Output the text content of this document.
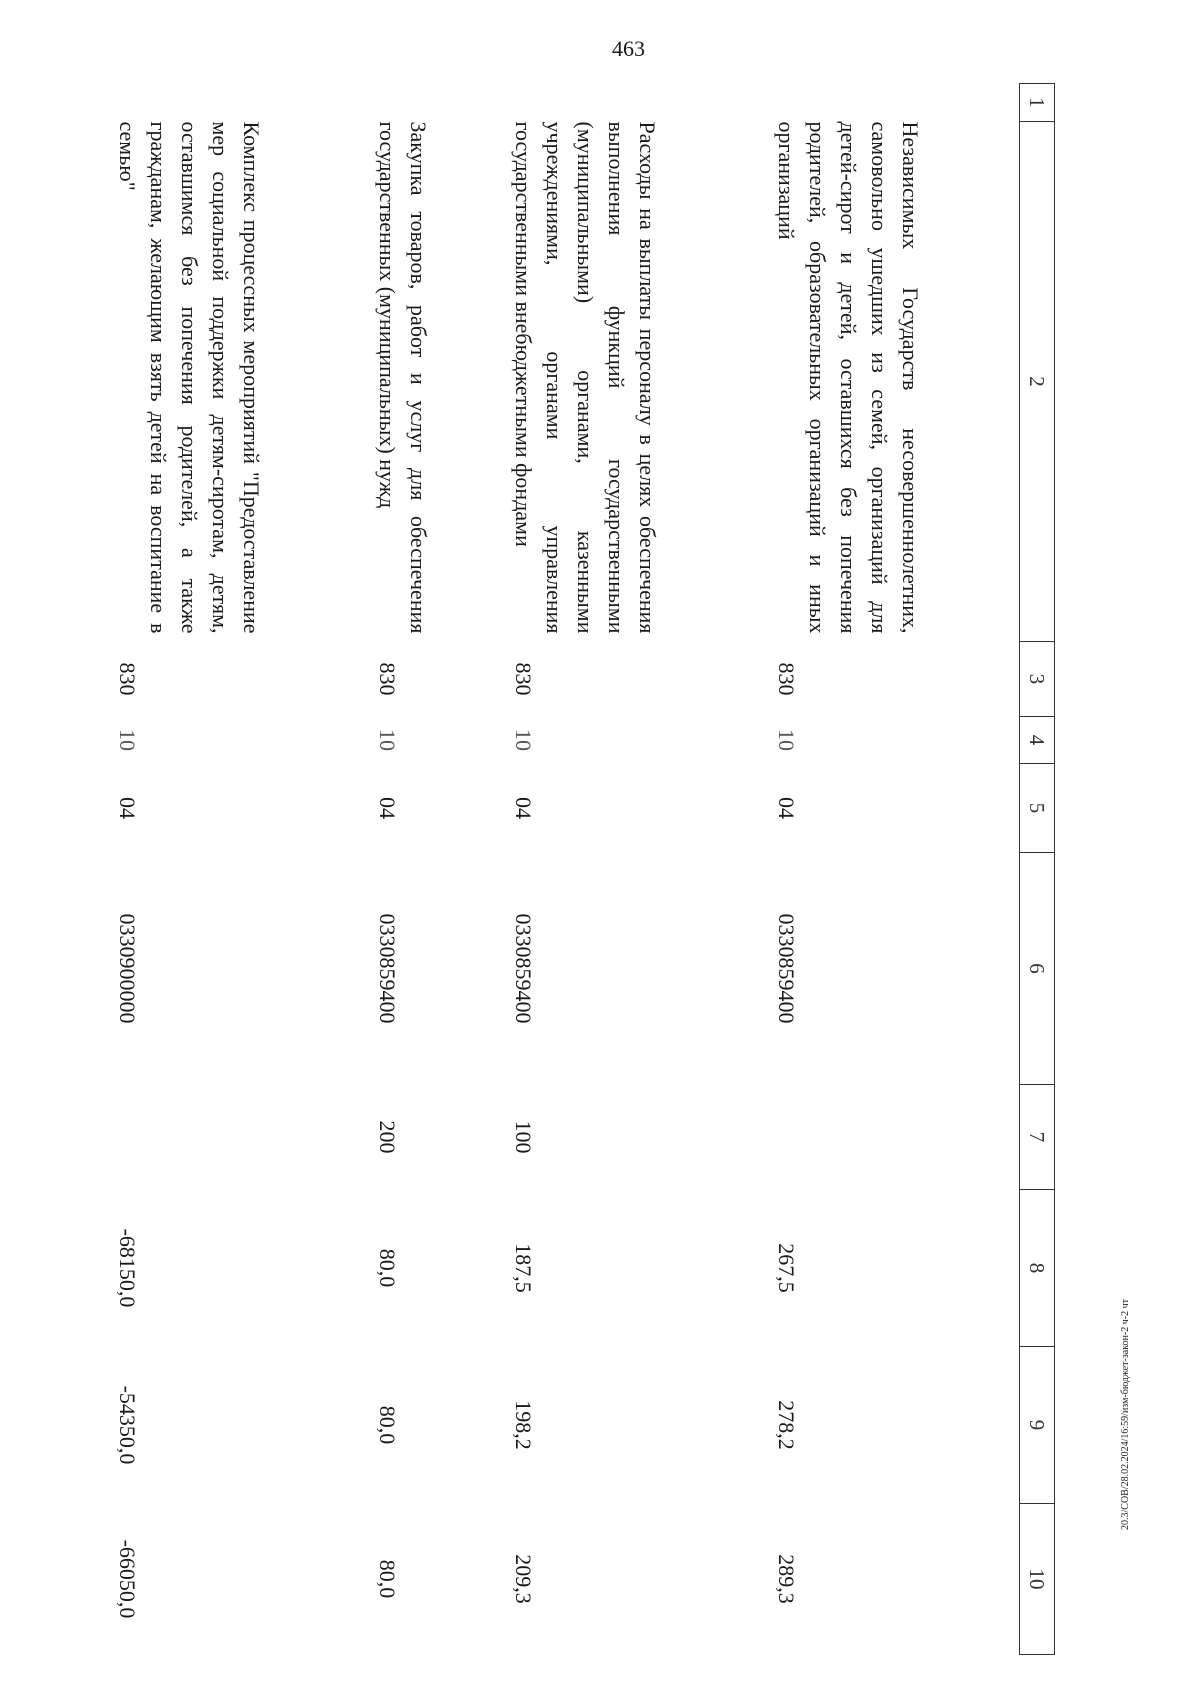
463
20.3/СОВ/28.02.2024/16:59/изм-бюджет-закон-2 ч-2 чт
1	2	3	4	5	6	7	8	9	10
	Независимых Государств несовершеннолетних, самовольно ушедших из семей, организаций для детей-сирот и детей, оставшихся без попечения родителей, образовательных организаций и иных организаций	830	10	04	0330859400		267,5	278,2	289,3
	Расходы на выплаты персоналу в целях обеспечения выполнения функций государственными (муниципальными) органами, казенными учреждениями, органами управления государственными внебюджетными фондами	830	10	04	0330859400	100	187,5	198,2	209,3
	Закупка товаров, работ и услуг для обеспечения государственных (муниципальных) нужд	830	10	04	0330859400	200	80,0	80,0	80,0
	Комплекс процессных мероприятий "Предоставление мер социальной поддержки детям-сиротам, детям, оставшимся без попечения родителей, а также гражданам, желающим взять детей на воспитание в семью"	830	10	04	0330900000		-68150,0	-54350,0	-66050,0
